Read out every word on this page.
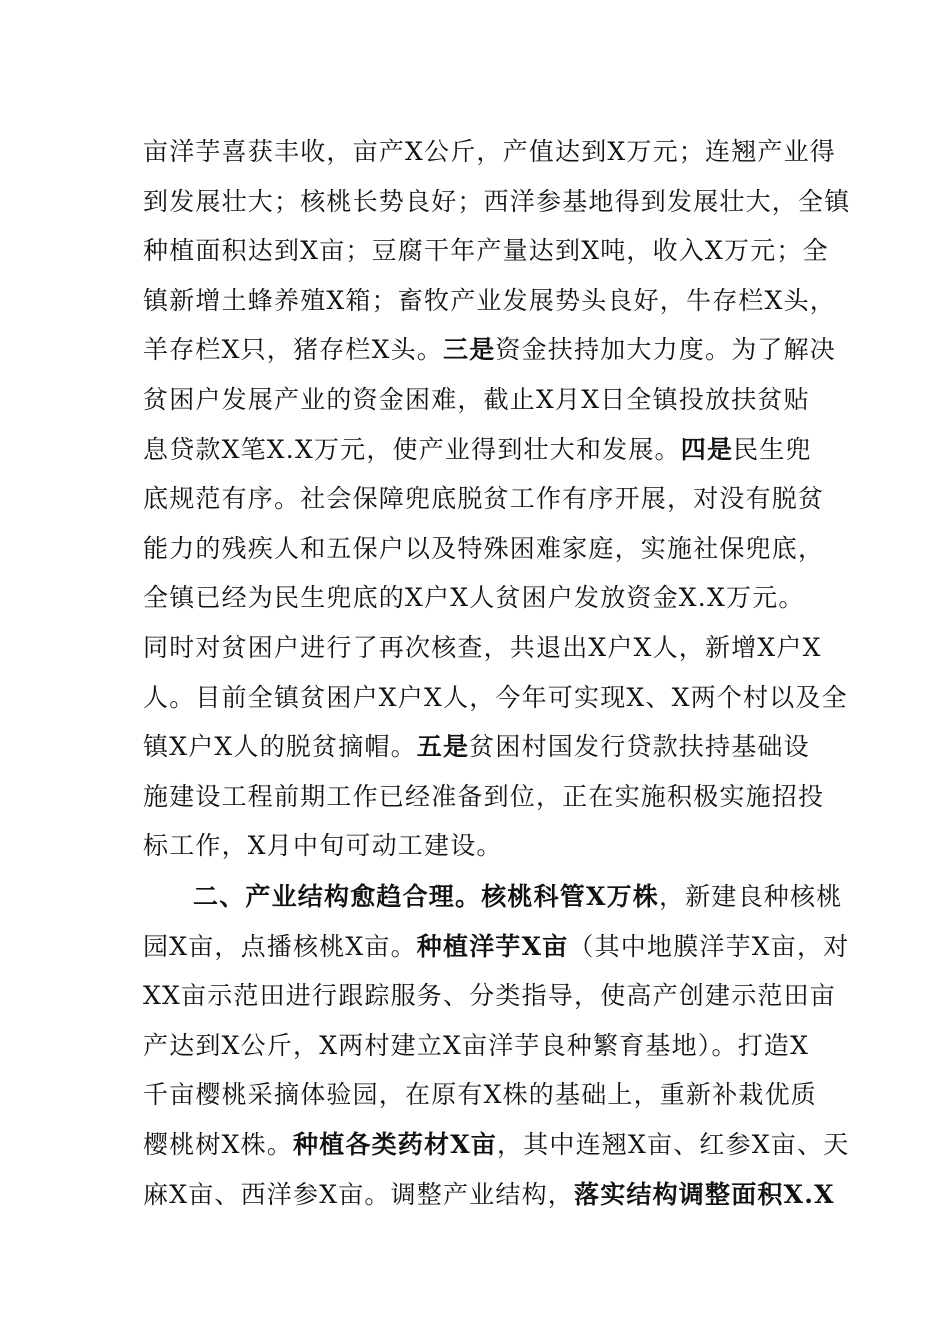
亩洋芋喜获丰收，亩产X公斤，产值达到X万元；连翘产业得
到发展壮大；核桃长势良好；西洋参基地得到发展壮大，全镇
种植面积达到X亩；豆腐干年产量达到X吨，收入X万元；全
镇新增土蜂养殖X箱；畜牧产业发展势头良好，牛存栏X头，
羊存栏X只，猪存栏X头。三是资金扶持加大力度。为了解决
贫困户发展产业的资金困难，截止X月X日全镇投放扶贫贴
息贷款X笔X.X万元，使产业得到壮大和发展。四是民生兜
底规范有序。社会保障兜底脱贫工作有序开展，对没有脱贫
能力的残疾人和五保户以及特殊困难家庭，实施社保兜底，
全镇已经为民生兜底的X户X人贫困户发放资金X.X万元。
同时对贫困户进行了再次核查，共退出X户X人，新增X户X
人。目前全镇贫困户X户X人，今年可实现X、X两个村以及全
镇X户X人的脱贫摘帽。五是贫困村国发行贷款扶持基础设
施建设工程前期工作已经准备到位，正在实施积极实施招投
标工作，X月中旬可动工建设。
二、产业结构愈趋合理。核桃科管X万株，新建良种核桃
园X亩，点播核桃X亩。种植洋芋X亩（其中地膜洋芋X亩，对
XX亩示范田进行跟踪服务、分类指导，使高产创建示范田亩
产达到X公斤，X两村建立X亩洋芋良种繁育基地）。打造X
千亩樱桃采摘体验园，在原有X株的基础上，重新补栽优质
樱桃树X株。种植各类药材X亩，其中连翘X亩、红参X亩、天
麻X亩、西洋参X亩。调整产业结构，落实结构调整面积X.X
